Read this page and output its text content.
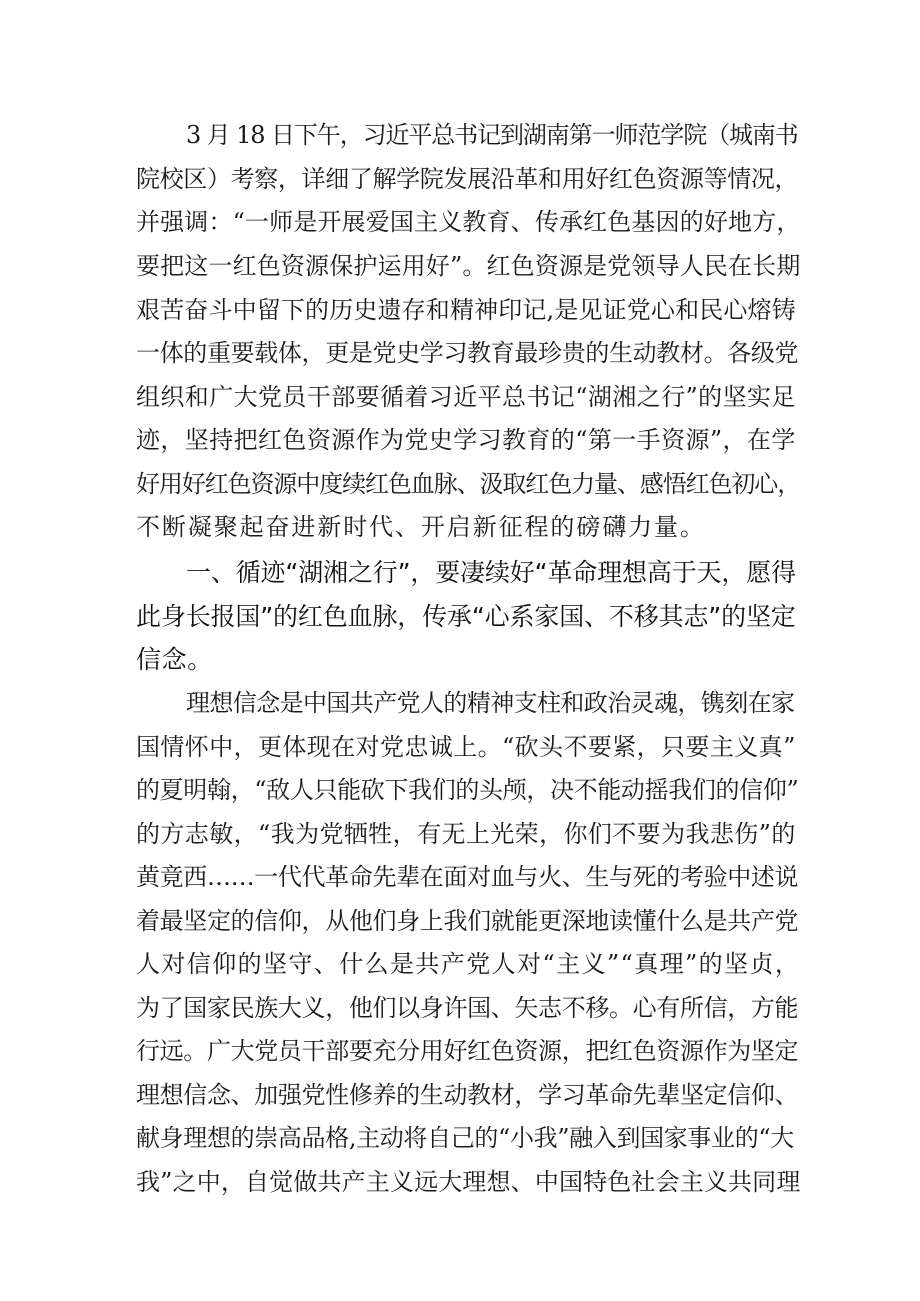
3 月 18 日下午，习近平总书记到湖南第一师范学院（城南书
院校区）考察，详细了解学院发展沿革和用好红色资源等情况，
并强调：“一师是开展爱国主义教育、传承红色基因的好地方，
要把这一红色资源保护运用好”。红色资源是党领导人民在长期
艰苦奋斗中留下的历史遗存和精神印记,是见证党心和民心熔铸
一体的重要载体，更是党史学习教育最珍贵的生动教材。各级党
组织和广大党员干部要循着习近平总书记“湖湘之行”的坚实足
迹，坚持把红色资源作为党史学习教育的“第一手资源”，在学
好用好红色资源中度续红色血脉、汲取红色力量、感悟红色初心，
不断凝聚起奋进新时代、开启新征程的磅礴力量。
一、循迹“湖湘之行”，要凄续好“革命理想高于天，愿得
此身长报国”的红色血脉，传承“心系家国、不移其志”的坚定
信念。
理想信念是中国共产党人的精神支柱和政治灵魂，镌刻在家
国情怀中，更体现在对党忠诚上。“砍头不要紧，只要主义真”
的夏明翰，“敌人只能砍下我们的头颅，决不能动摇我们的信仰”
的方志敏，“我为党牺牲，有无上光荣，你们不要为我悲伤”的
黄竟西……一代代革命先辈在面对血与火、生与死的考验中述说
着最坚定的信仰，从他们身上我们就能更深地读懂什么是共产党
人对信仰的坚守、什么是共产党人对“主义”“真理”的坚贞，
为了国家民族大义，他们以身许国、矢志不移。心有所信，方能
行远。广大党员干部要充分用好红色资源，把红色资源作为坚定
理想信念、加强党性修养的生动教材，学习革命先辈坚定信仰、
献身理想的崇高品格,主动将自己的“小我”融入到国家事业的“大
我”之中，自觉做共产主义远大理想、中国特色社会主义共同理
